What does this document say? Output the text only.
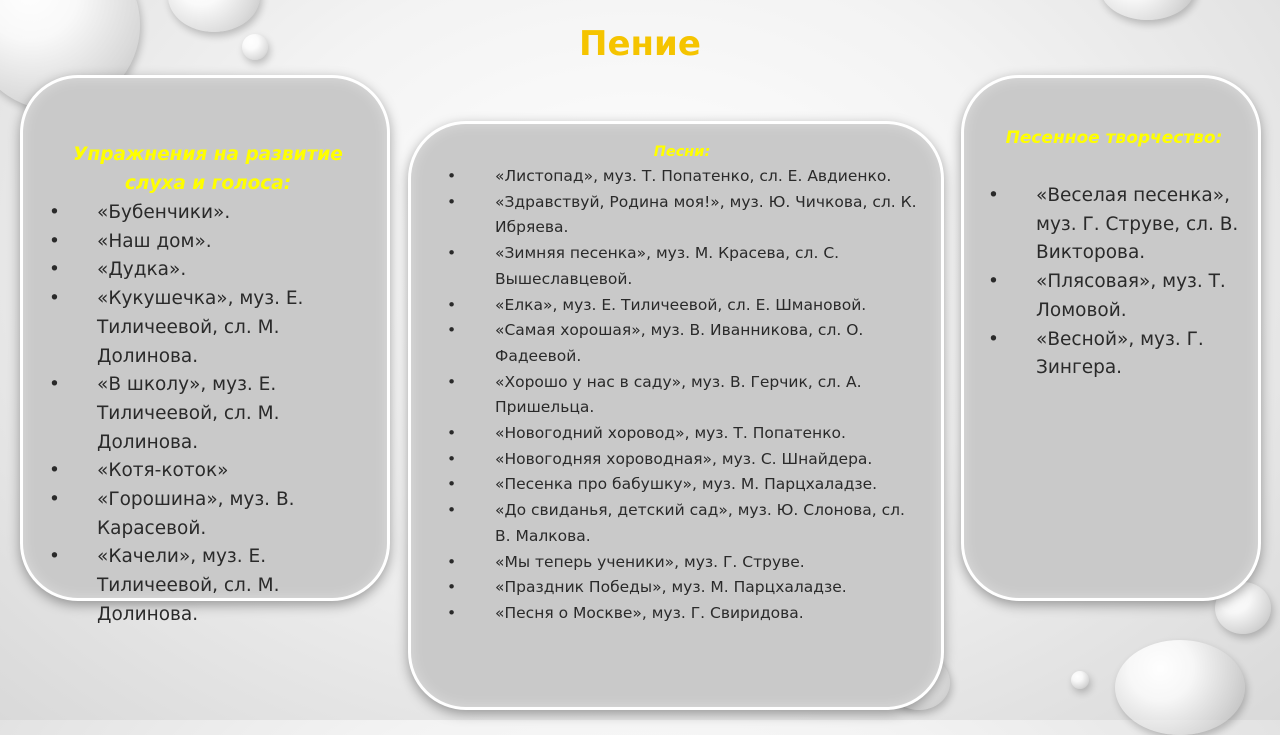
Пение
Упражнения на развитие слуха и голоса:
• «Бубенчики».
• «Наш дом».
• «Дудка».
• «Кукушечка», муз. Е. Тиличеевой, сл. М. Долинова.
• «В школу», муз. Е. Тиличеевой, сл. М. Долинова.
• «Котя-коток»
• «Горошина», муз. В. Карасевой.
• «Качели», муз. Е. Тиличеевой, сл. М. Долинова.
Песни:
•	«Листопад», муз. Т. Попатенко, сл. Е. Авдиенко.
•	«Здравствуй, Родина моя!», муз. Ю. Чичкова, сл. К. Ибряева.
•	«Зимняя песенка», муз. М. Красева, сл. С. Вышеславцевой.
•	«Елка», муз. Е. Тиличеевой, сл. Е. Шмановой.
•	«Самая хорошая», муз. В. Иванникова, сл. О. Фадеевой.
•	«Хорошо у нас в саду», муз. В. Герчик, сл. А. Пришельца.
•	«Новогодний хоровод», муз. Т. Попатенко.
•	«Новогодняя хороводная», муз. С. Шнайдера.
•	«Песенка про бабушку», муз. М. Парцхаладзе.
•	«До свиданья, детский сад», муз. Ю. Слонова, сл. В. Малкова.
•	«Мы теперь ученики», муз. Г. Струве.
•	«Праздник Победы», муз. М. Парцхаладзе.
•	«Песня о Москве», муз. Г. Свиридова.
Песенное творчество:
• «Веселая песенка», муз. Г. Струве, сл. В. Викторова.
• «Плясовая», муз. Т. Ломовой.
• «Весной», муз. Г. Зингера.
